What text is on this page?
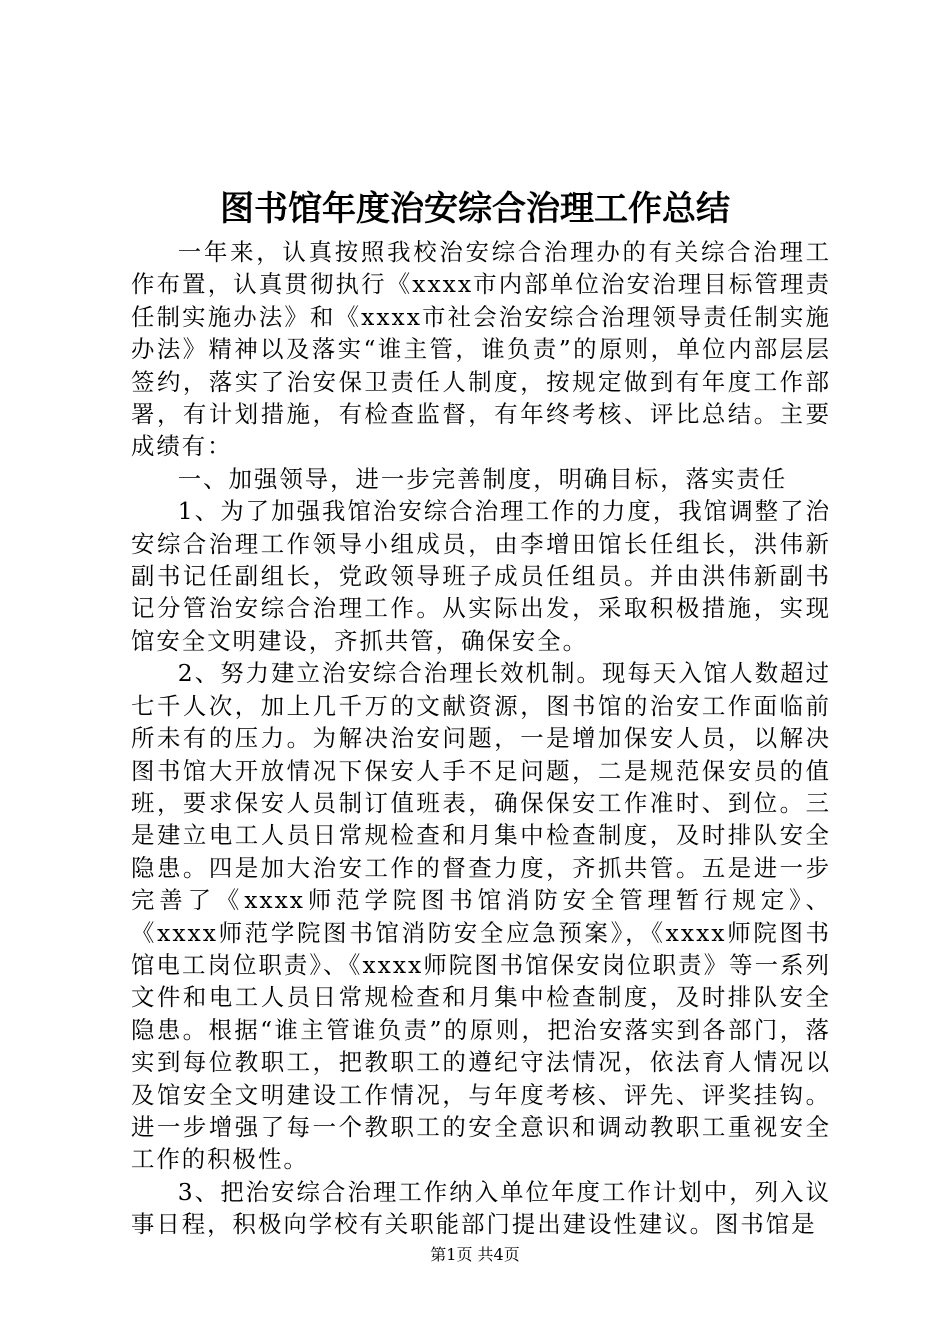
图书馆年度治安综合治理工作总结

一年来，认真按照我校治安综合治理办的有关综合治理工作布置，认真贯彻执行《xxxx市内部单位治安治理目标管理责任制实施办法》和《xxxx市社会治安综合治理领导责任制实施办法》精神以及落实“谁主管，谁负责”的原则，单位内部层层签约，落实了治安保卫责任人制度，按规定做到有年度工作部署，有计划措施，有检查监督，有年终考核、评比总结。主要成绩有：

一、加强领导，进一步完善制度，明确目标，落实责任

1、为了加强我馆治安综合治理工作的力度，我馆调整了治安综合治理工作领导小组成员，由李增田馆长任组长，洪伟新副书记任副组长，党政领导班子成员任组员。并由洪伟新副书记分管治安综合治理工作。从实际出发，采取积极措施，实现馆安全文明建设，齐抓共管，确保安全。

2、努力建立治安综合治理长效机制。现每天入馆人数超过七千人次，加上几千万的文献资源，图书馆的治安工作面临前所未有的压力。为解决治安问题，一是增加保安人员，以解决图书馆大开放情况下保安人手不足问题，二是规范保安员的值班，要求保安人员制订值班表，确保保安工作准时、到位。三是建立电工人员日常规检查和月集中检查制度，及时排队安全隐患。四是加大治安工作的督查力度，齐抓共管。五是进一步完善了《xxxx师范学院图书馆消防安全管理暂行规定》、《xxxx师范学院图书馆消防安全应急预案》，《xxxx师院图书馆电工岗位职责》、《xxxx师院图书馆保安岗位职责》等一系列文件和电工人员日常规检查和月集中检查制度，及时排队安全隐患。根据“谁主管谁负责”的原则，把治安落实到各部门，落实到每位教职工，把教职工的遵纪守法情况，依法育人情况以及馆安全文明建设工作情况，与年度考核、评先、评奖挂钩。进一步增强了每一个教职工的安全意识和调动教职工重视安全工作的积极性。

3、把治安综合治理工作纳入单位年度工作计划中，列入议事日程，积极向学校有关职能部门提出建设性建议。图书馆是

第1页 共4页
